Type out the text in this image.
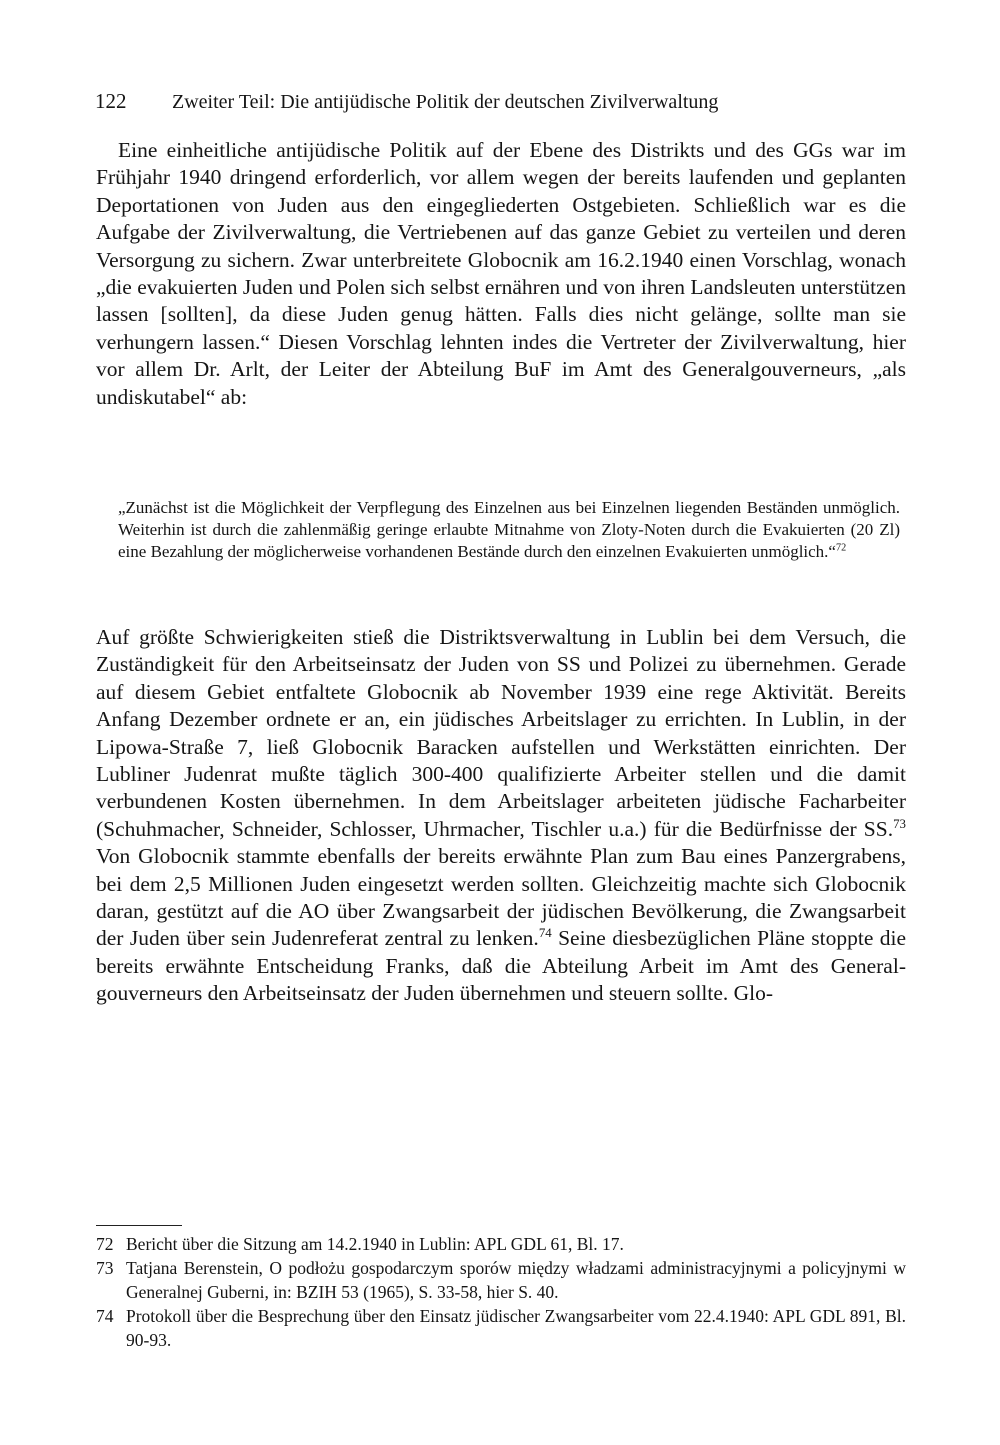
122 Zweiter Teil: Die antijüdische Politik der deutschen Zivilverwaltung

Eine einheitliche antijüdische Politik auf der Ebene des Distrikts und des GGs war im Frühjahr 1940 dringend erforderlich, vor allem wegen der bereits laufenden und geplanten Deportationen von Juden aus den eingegliederten Ostgebieten. Schließlich war es die Aufgabe der Zivilverwaltung, die Vertriebenen auf das ganze Gebiet zu verteilen und deren Versorgung zu sichern. Zwar unterbreitete Globocnik am 16.2.1940 einen Vorschlag, wonach „die evakuierten Juden und Polen sich selbst ernähren und von ihren Landsleuten unterstützen lassen [sollten], da diese Juden genug hätten. Falls dies nicht gelänge, sollte man sie verhungern lassen.“ Diesen Vorschlag lehnten indes die Vertreter der Zivilverwaltung, hier vor allem Dr. Arlt, der Leiter der Abteilung BuF im Amt des Generalgouverneurs, „als undiskutabel“ ab:

„Zunächst ist die Möglichkeit der Verpflegung des Einzelnen aus bei Einzelnen liegenden Beständen unmöglich. Weiterhin ist durch die zahlenmäßig geringe erlaubte Mitnahme von Zloty-Noten durch die Evakuierten (20 Zl) eine Bezahlung der möglicherweise vorhandenen Bestände durch den einzelnen Evakuierten unmöglich.“$^{72}$

Auf größte Schwierigkeiten stieß die Distriktsverwaltung in Lublin bei dem Versuch, die Zuständigkeit für den Arbeitseinsatz der Juden von SS und Polizei zu übernehmen. Gerade auf diesem Gebiet entfaltete Globocnik ab November 1939 eine rege Aktivität. Bereits Anfang Dezember ordnete er an, ein jüdisches Arbeitslager zu errichten. In Lublin, in der Lipowa-Straße 7, ließ Globocnik Baracken aufstellen und Werkstätten einrichten. Der Lubliner Judenrat mußte täglich 300-400 qualifizierte Arbeiter stellen und die damit verbundenen Kosten übernehmen. In dem Arbeitslager arbeiteten jüdische Facharbeiter (Schuhmacher, Schneider, Schlosser, Uhrmacher, Tischler u.a.) für die Bedürfnisse der SS.$^{73}$ Von Globocnik stammte ebenfalls der bereits erwähnte Plan zum Bau eines Panzergrabens, bei dem 2,5 Millionen Juden eingesetzt werden sollten. Gleichzeitig machte sich Globocnik daran, gestützt auf die AO über Zwangsarbeit der jüdischen Bevölkerung, die Zwangsarbeit der Juden über sein Judenreferat zentral zu lenken.$^{74}$ Seine diesbezüglichen Pläne stoppte die bereits erwähnte Entscheidung Franks, daß die Abteilung Arbeit im Amt des Generalgouverneurs den Arbeitseinsatz der Juden übernehmen und steuern sollte. Glo-

72 Bericht über die Sitzung am 14.2.1940 in Lublin: APL GDL 61, Bl. 17.
73 Tatjana Berenstein, O podłożu gospodarczym sporów między władzami administracyjnymi a policyjnymi w Generalnej Guberni, in: BZIH 53 (1965), S. 33-58, hier S. 40.
74 Protokoll über die Besprechung über den Einsatz jüdischer Zwangsarbeiter vom 22.4.1940: APL GDL 891, Bl. 90-93.
